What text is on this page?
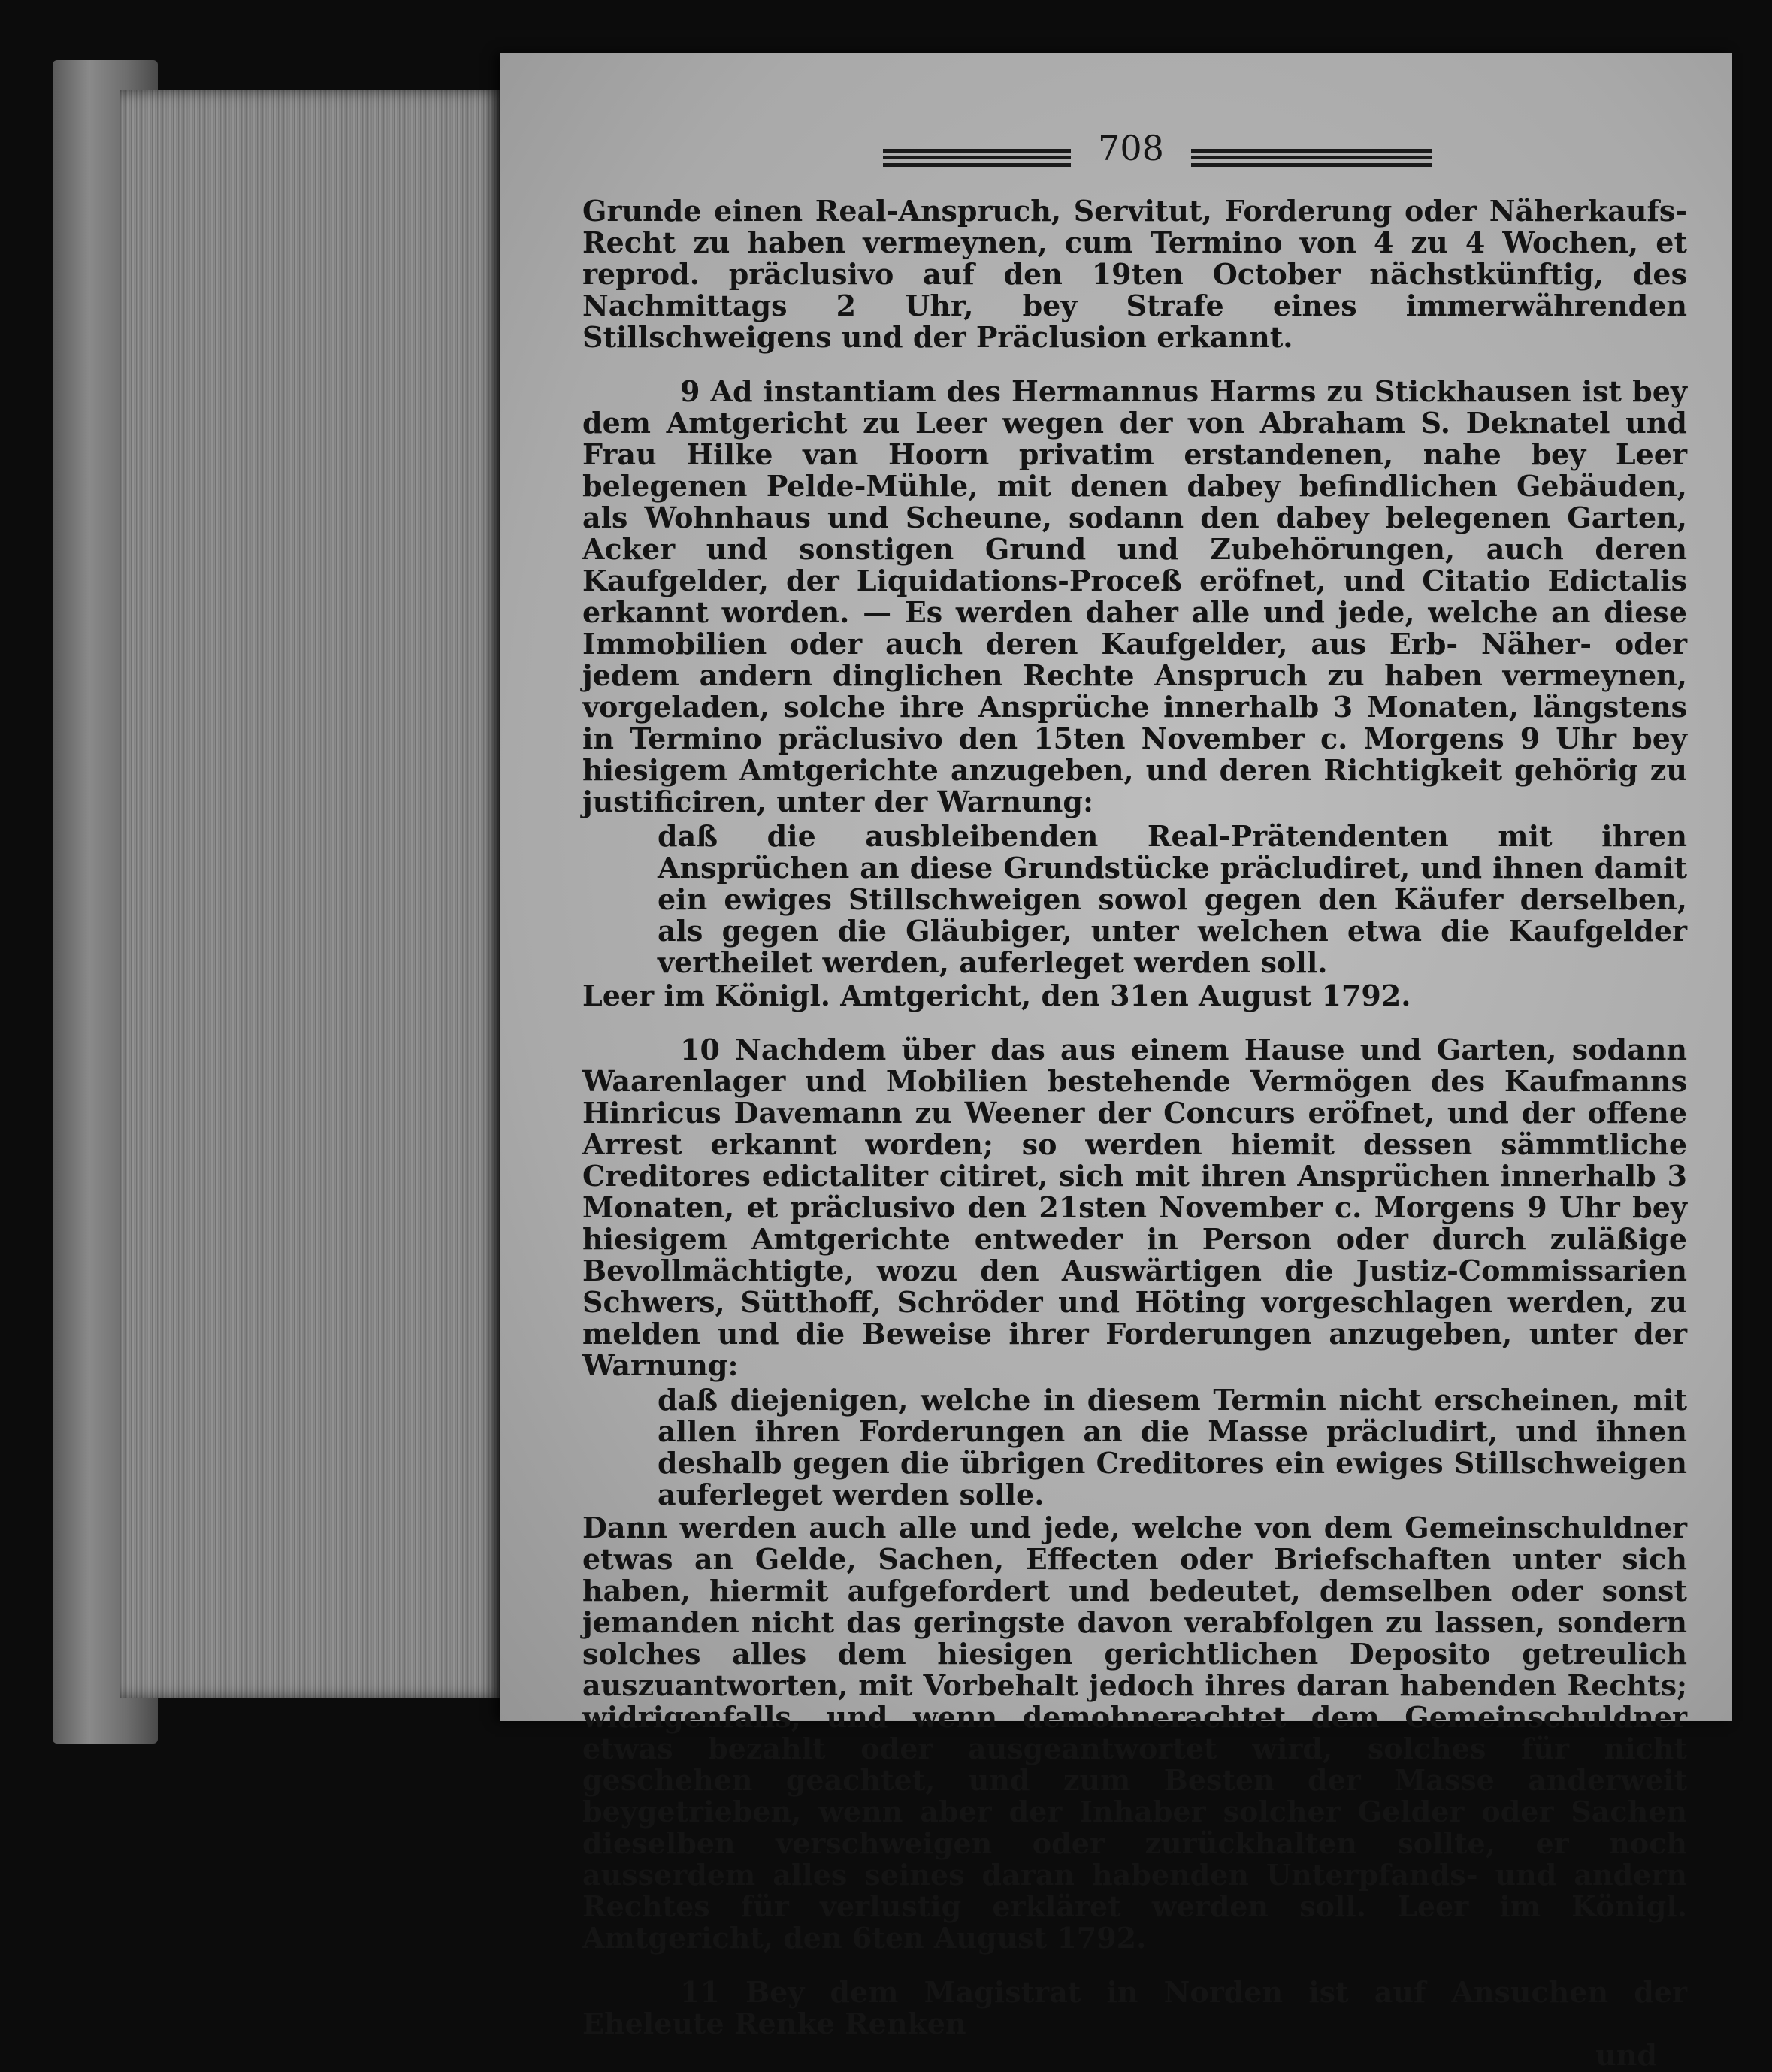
708

Grunde einen Real-Anspruch, Servitut, Forderung oder Näherkaufs-Recht zu haben vermeynen, cum Termino von 4 zu 4 Wochen, et reprod. präclusivo auf den 19ten October nächstkünftig, des Nachmittags 2 Uhr, bey Strafe eines immerwährenden Stillschweigens und der Präclusion erkannt.

9 Ad instantiam des Hermannus Harms zu Stickhausen ist bey dem Amtgericht zu Leer wegen der von Abraham S. Deknatel und Frau Hilke van Hoorn privatim erstandenen, nahe bey Leer belegenen Pelde-Mühle, mit denen dabey befindlichen Gebäuden, als Wohnhaus und Scheune, sodann den dabey belegenen Garten, Acker und sonstigen Grund und Zubehörungen, auch deren Kaufgelder, der Liquidations-Proceß eröfnet, und Citatio Edictalis erkannt worden. — Es werden daher alle und jede, welche an diese Immobilien oder auch deren Kaufgelder, aus Erb- Näher- oder jedem andern dinglichen Rechte Anspruch zu haben vermeynen, vorgeladen, solche ihre Ansprüche innerhalb 3 Monaten, längstens in Termino präclusivo den 15ten November c. Morgens 9 Uhr bey hiesigem Amtgerichte anzugeben, und deren Richtigkeit gehörig zu justificiren, unter der Warnung:

daß die ausbleibenden Real-Prätendenten mit ihren Ansprüchen an diese Grundstücke präcludiret, und ihnen damit ein ewiges Stillschweigen sowol gegen den Käufer derselben, als gegen die Gläubiger, unter welchen etwa die Kaufgelder vertheilet werden, auferleget werden soll.

Leer im Königl. Amtgericht, den 31en August 1792.

10 Nachdem über das aus einem Hause und Garten, sodann Waarenlager und Mobilien bestehende Vermögen des Kaufmanns Hinricus Davemann zu Weener der Concurs eröfnet, und der offene Arrest erkannt worden; so werden hiemit dessen sämmtliche Creditores edictaliter citiret, sich mit ihren Ansprüchen innerhalb 3 Monaten, et präclusivo den 21sten November c. Morgens 9 Uhr bey hiesigem Amtgerichte entweder in Person oder durch zuläßige Bevollmächtigte, wozu den Auswärtigen die Justiz-Commissarien Schwers, Sütthoff, Schröder und Höting vorgeschlagen werden, zu melden und die Beweise ihrer Forderungen anzugeben, unter der Warnung:

daß diejenigen, welche in diesem Termin nicht erscheinen, mit allen ihren Forderungen an die Masse präcludirt, und ihnen deshalb gegen die übrigen Creditores ein ewiges Stillschweigen auferleget werden solle.

Dann werden auch alle und jede, welche von dem Gemeinschuldner etwas an Gelde, Sachen, Effecten oder Briefschaften unter sich haben, hiermit aufgefordert und bedeutet, demselben oder sonst jemanden nicht das geringste davon verabfolgen zu lassen, sondern solches alles dem hiesigen gerichtlichen Deposito getreulich auszuantworten, mit Vorbehalt jedoch ihres daran habenden Rechts; widrigenfalls, und wenn demohnerachtet dem Gemeinschuldner etwas bezahlt oder ausgeantwortet wird, solches für nicht geschehen geachtet, und zum Besten der Masse anderweit beygetrieben, wenn aber der Inhaber solcher Gelder oder Sachen dieselben verschweigen oder zurückhalten sollte, er noch ausserdem alles seines daran habenden Unterpfands- und andern Rechtes für verlustig erkläret werden soll. Leer im Königl. Amtgericht, den 6ten August 1792.

11 Bey dem Magistrat in Norden ist auf Ansuchen der Eheleute Renke Renken

und
